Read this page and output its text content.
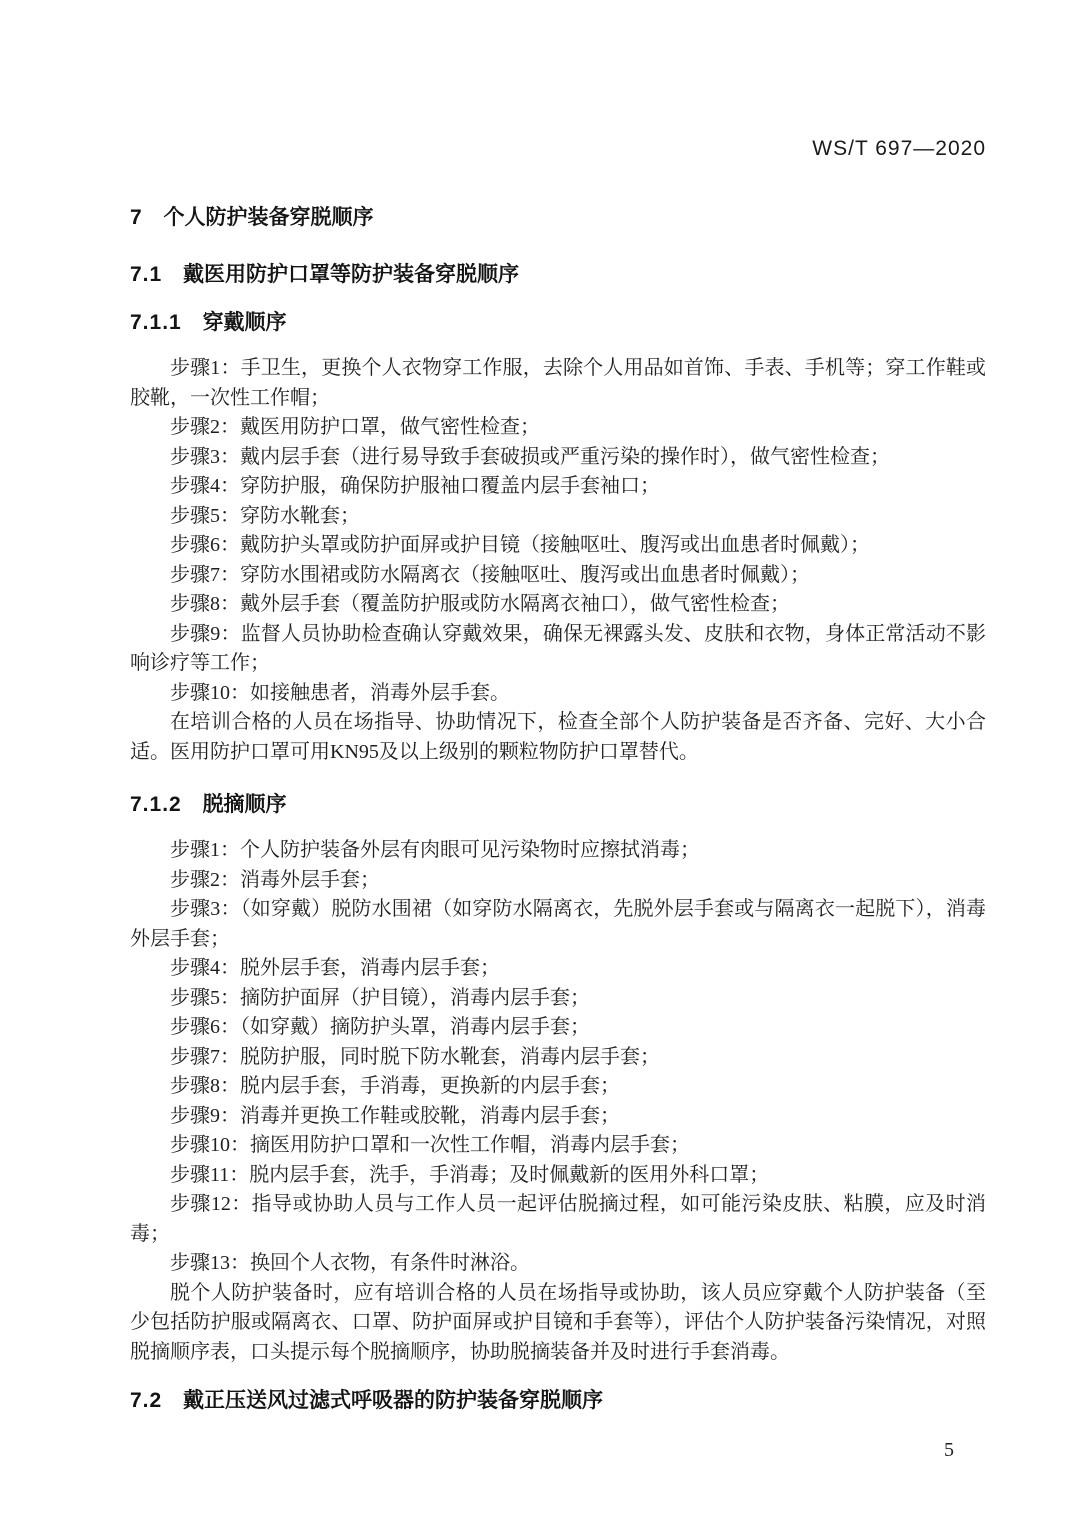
WS/T 697—2020
7 个人防护装备穿脱顺序
7.1 戴医用防护口罩等防护装备穿脱顺序
7.1.1 穿戴顺序

步骤1：手卫生，更换个人衣物穿工作服，去除个人用品如首饰、手表、手机等；穿工作鞋或胶靴，一次性工作帽；

步骤2：戴医用防护口罩，做气密性检查；

步骤3：戴内层手套（进行易导致手套破损或严重污染的操作时），做气密性检查；

步骤4：穿防护服，确保防护服袖口覆盖内层手套袖口；

步骤5：穿防水靴套；

步骤6：戴防护头罩或防护面屏或护目镜（接触呕吐、腹泻或出血患者时佩戴）；

步骤7：穿防水围裙或防水隔离衣（接触呕吐、腹泻或出血患者时佩戴）；

步骤8：戴外层手套（覆盖防护服或防水隔离衣袖口），做气密性检查；

步骤9：监督人员协助检查确认穿戴效果，确保无裸露头发、皮肤和衣物，身体正常活动不影响诊疗等工作；

步骤10：如接触患者，消毒外层手套。

在培训合格的人员在场指导、协助情况下，检查全部个人防护装备是否齐备、完好、大小合适。医用防护口罩可用KN95及以上级别的颗粒物防护口罩替代。

7.1.2 脱摘顺序

步骤1：个人防护装备外层有肉眼可见污染物时应擦拭消毒；

步骤2：消毒外层手套；

步骤3：（如穿戴）脱防水围裙（如穿防水隔离衣，先脱外层手套或与隔离衣一起脱下），消毒外层手套；

步骤4：脱外层手套，消毒内层手套；

步骤5：摘防护面屏（护目镜），消毒内层手套；

步骤6：（如穿戴）摘防护头罩，消毒内层手套；

步骤7：脱防护服，同时脱下防水靴套，消毒内层手套；

步骤8：脱内层手套，手消毒，更换新的内层手套；

步骤9：消毒并更换工作鞋或胶靴，消毒内层手套；

步骤10：摘医用防护口罩和一次性工作帽，消毒内层手套；

步骤11：脱内层手套，洗手，手消毒；及时佩戴新的医用外科口罩；

步骤12：指导或协助人员与工作人员一起评估脱摘过程，如可能污染皮肤、粘膜，应及时消毒；

步骤13：换回个人衣物，有条件时淋浴。

脱个人防护装备时，应有培训合格的人员在场指导或协助，该人员应穿戴个人防护装备（至少包括防护服或隔离衣、口罩、防护面屏或护目镜和手套等），评估个人防护装备污染情况，对照脱摘顺序表，口头提示每个脱摘顺序，协助脱摘装备并及时进行手套消毒。

7.2 戴正压送风过滤式呼吸器的防护装备穿脱顺序
5
